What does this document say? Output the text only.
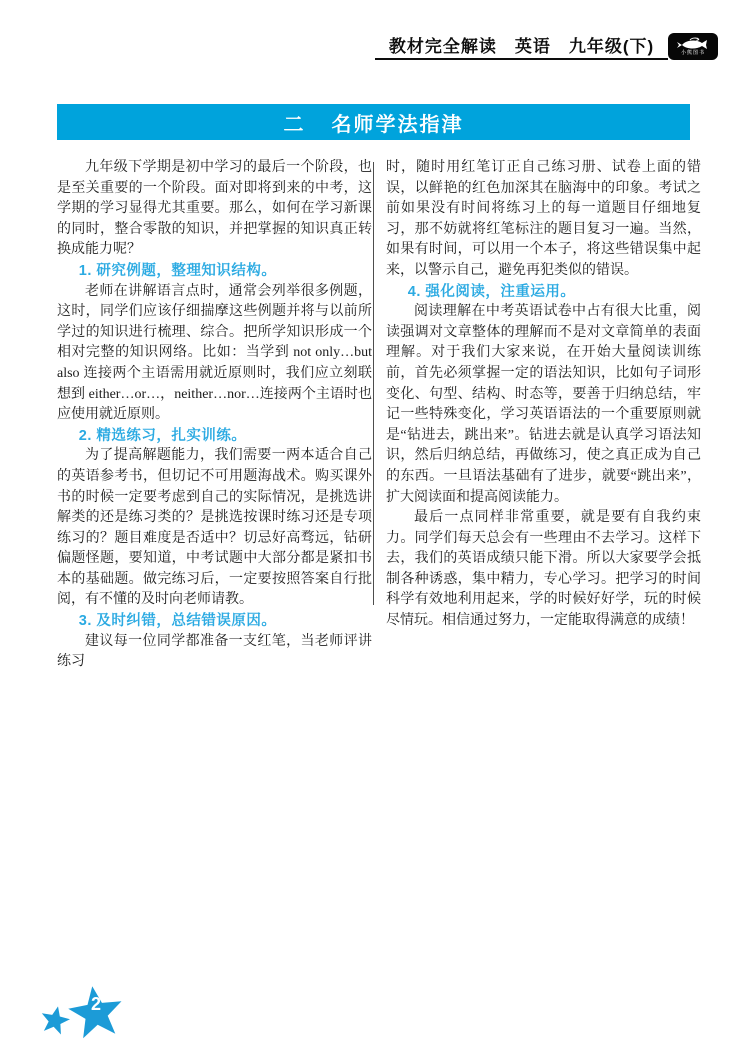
教材完全解读　英语　九年级(下)	小熊图书
二 名师学法指津

九年级下学期是初中学习的最后一个阶段，也是至关重要的一个阶段。面对即将到来的中考，这学期的学习显得尤其重要。那么，如何在学习新课的同时，整合零散的知识，并把掌握的知识真正转换成能力呢？

1. 研究例题，整理知识结构。

老师在讲解语言点时，通常会列举很多例题，这时，同学们应该仔细揣摩这些例题并将与以前所学过的知识进行梳理、综合。把所学知识形成一个相对完整的知识网络。比如：当学到 not only…but also 连接两个主语需用就近原则时，我们应立刻联想到 either…or…，neither…nor…连接两个主语时也应使用就近原则。

2. 精选练习，扎实训练。

为了提高解题能力，我们需要一两本适合自己的英语参考书，但切记不可用题海战术。购买课外书的时候一定要考虑到自己的实际情况，是挑选讲解类的还是练习类的？是挑选按课时练习还是专项练习的？题目难度是否适中？切忌好高骛远，钻研偏题怪题，要知道，中考试题中大部分都是紧扣书本的基础题。做完练习后，一定要按照答案自行批阅，有不懂的及时向老师请教。

3. 及时纠错，总结错误原因。

建议每一位同学都准备一支红笔，当老师评讲练习

时，随时用红笔订正自己练习册、试卷上面的错误，以鲜艳的红色加深其在脑海中的印象。考试之前如果没有时间将练习上的每一道题目仔细地复习，那不妨就将红笔标注的题目复习一遍。当然，如果有时间，可以用一个本子，将这些错误集中起来，以警示自己，避免再犯类似的错误。

4. 强化阅读，注重运用。

阅读理解在中考英语试卷中占有很大比重，阅读强调对文章整体的理解而不是对文章简单的表面理解。对于我们大家来说，在开始大量阅读训练前，首先必须掌握一定的语法知识，比如句子词形变化、句型、结构、时态等，要善于归纳总结，牢记一些特殊变化，学习英语语法的一个重要原则就是“钻进去，跳出来”。钻进去就是认真学习语法知识，然后归纳总结，再做练习，使之真正成为自己的东西。一旦语法基础有了进步，就要“跳出来”，扩大阅读面和提高阅读能力。

最后一点同样非常重要，就是要有自我约束力。同学们每天总会有一些理由不去学习。这样下去，我们的英语成绩只能下滑。所以大家要学会抵制各种诱惑，集中精力，专心学习。把学习的时间科学有效地利用起来，学的时候好好学，玩的时候尽情玩。相信通过努力，一定能取得满意的成绩！

2
